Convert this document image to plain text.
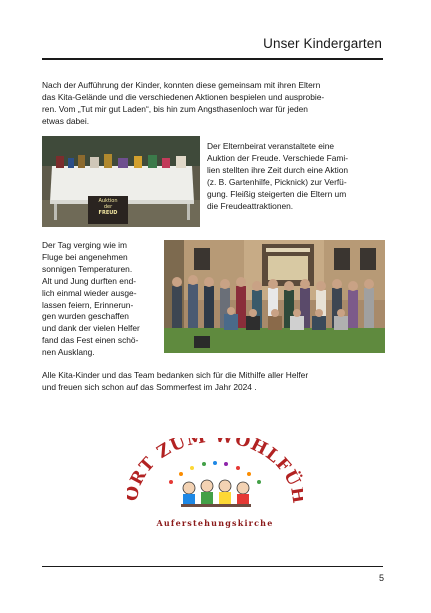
Unser Kindergarten

Nach der Aufführung der Kinder, konnten diese gemeinsam mit ihren Eltern
das Kita-Gelände und die verschiedenen Aktionen bespielen und ausprobie-
ren. Vom „Tut mir gut Laden“, bis hin zum Angsthasenloch war für jeden
etwas dabei.

Auktion
der
FREUD

Der Elternbeirat veranstaltete eine
Auktion der Freude. Verschiede Fami-
lien stellten ihre Zeit durch eine Aktion
(z. B. Gartenhilfe, Picknick) zur Verfü-
gung. Fleißig steigerten die Eltern um
die Freudeattraktionen.

Der Tag verging wie im
Fluge bei angenehmen
sonnigen Temperaturen.
Alt und Jung durften end-
lich einmal wieder ausge-
lassen feiern, Erinnerun-
gen wurden geschaffen
und dank der vielen Helfer
fand das Fest einen schö-
nen Ausklang.

Alle Kita-Kinder und das Team bedanken sich für die Mithilfe aller Helfer
und freuen sich schon auf das Sommerfest im Jahr 2024 .

RT ZUM OHLFÜ
Auferstehungskirche
5
